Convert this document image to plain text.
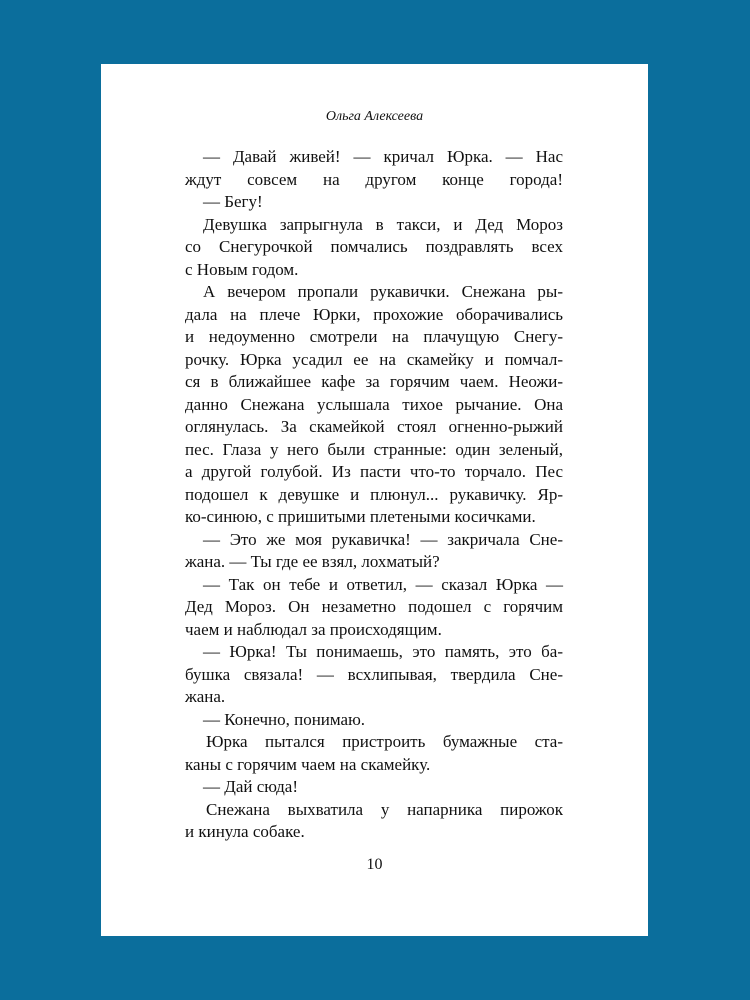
Ольга Алексеева

— Давай живей! — кричал Юрка. — Нас
ждут совсем на другом конце города!
— Бегу!
Девушка запрыгнула в такси, и Дед Мороз
со Снегурочкой помчались поздравлять всех
с Новым годом.
А вечером пропали рукавички. Снежана ры-
дала на плече Юрки, прохожие оборачивались
и недоуменно смотрели на плачущую Снегу-
рочку. Юрка усадил ее на скамейку и помчал-
ся в ближайшее кафе за горячим чаем. Неожи-
данно Снежана услышала тихое рычание. Она
оглянулась. За скамейкой стоял огненно-рыжий
пес. Глаза у него были странные: один зеленый,
а другой голубой. Из пасти что-то торчало. Пес
подошел к девушке и плюнул... рукавичку. Яр-
ко-синюю, с пришитыми плетеными косичками.
— Это же моя рукавичка! — закричала Сне-
жана. — Ты где ее взял, лохматый?
— Так он тебе и ответил, — сказал Юрка —
Дед Мороз. Он незаметно подошел с горячим
чаем и наблюдал за происходящим.
— Юрка! Ты понимаешь, это память, это ба-
бушка связала! — всхлипывая, твердила Сне-
жана.
— Конечно, понимаю.
Юрка пытался пристроить бумажные ста-
каны с горячим чаем на скамейку.
— Дай сюда!
Снежана выхватила у напарника пирожок
и кинула собаке.

10
